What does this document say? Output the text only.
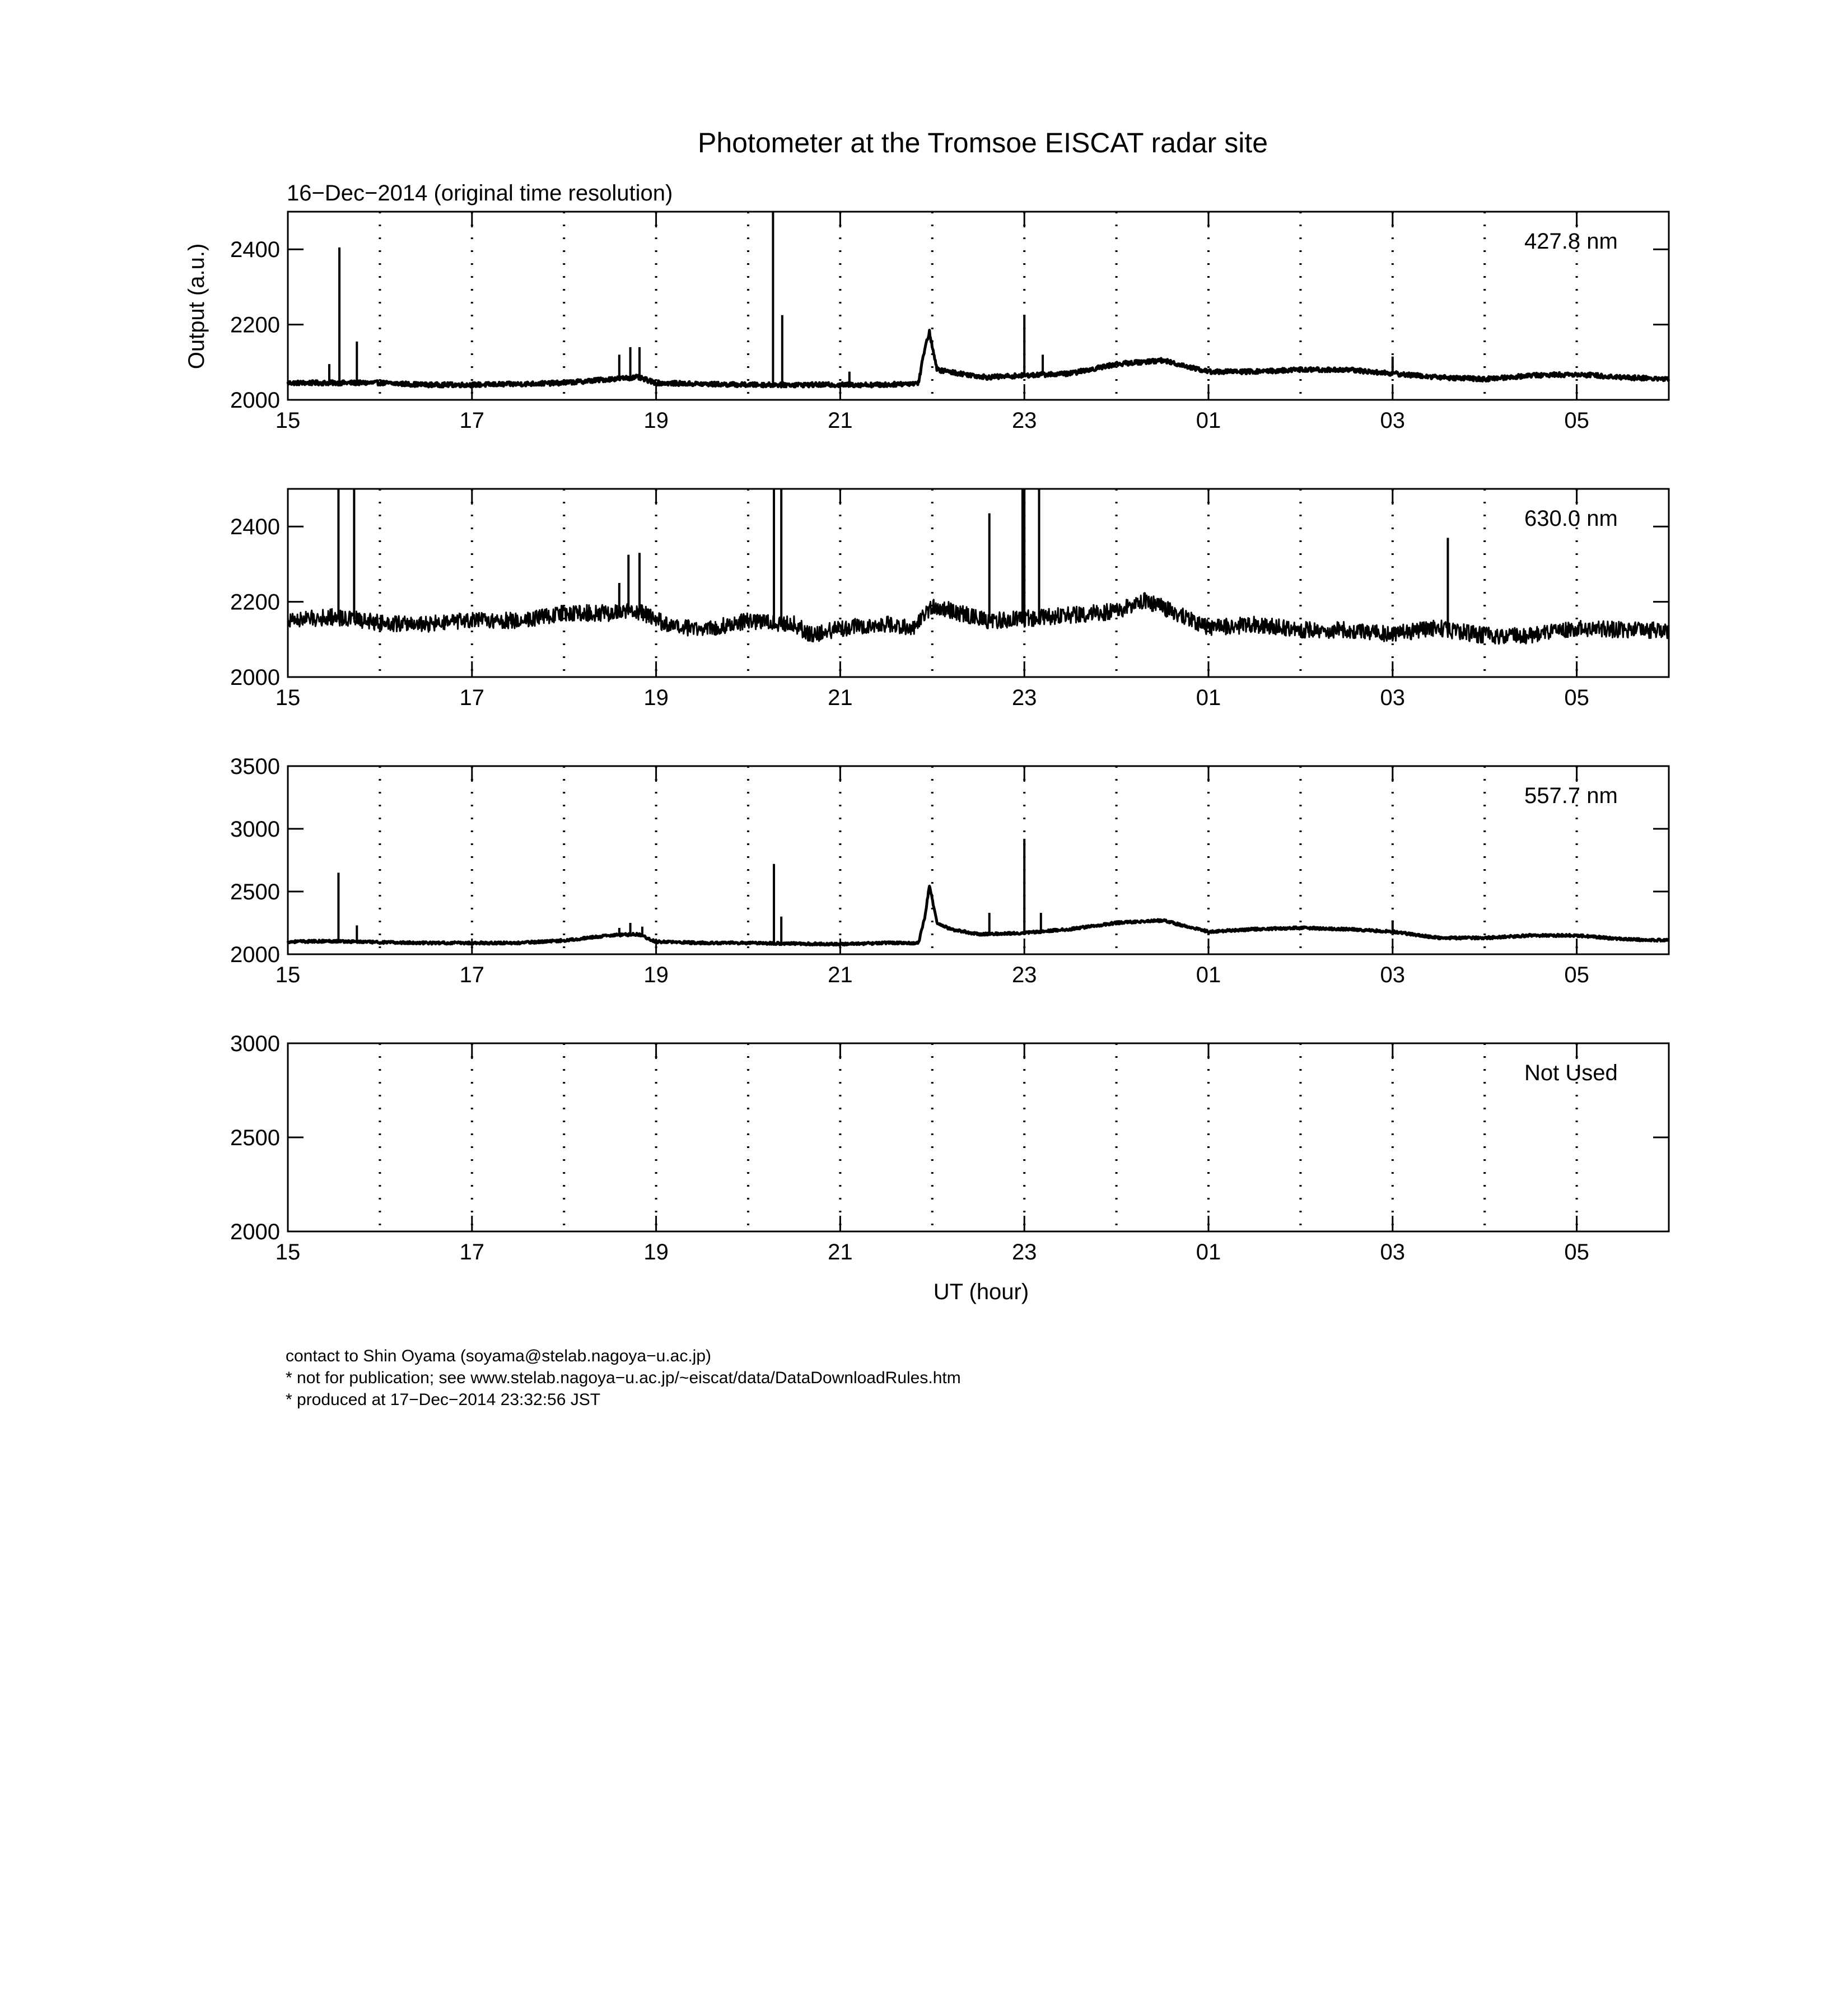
Photometer at the Tromsoe EISCAT radar site
16−Dec−2014 (original time resolution)
Output (a.u.)
UT (hour)
2000
2200
2400
15	17	19	21	23	01	03	05
427.8 nm
2000
2200
2400
15	17	19	21	23	01	03	05
630.0 nm
2000
2500
3000
3500
15	17	19	21	23	01	03	05
557.7 nm
2000
2500
3000
15	17	19	21	23	01	03	05
Not Used
contact to Shin Oyama (soyama@stelab.nagoya−u.ac.jp)
* not for publication; see www.stelab.nagoya−u.ac.jp/~eiscat/data/DataDownloadRules.htm
* produced at 17−Dec−2014 23:32:56 JST
